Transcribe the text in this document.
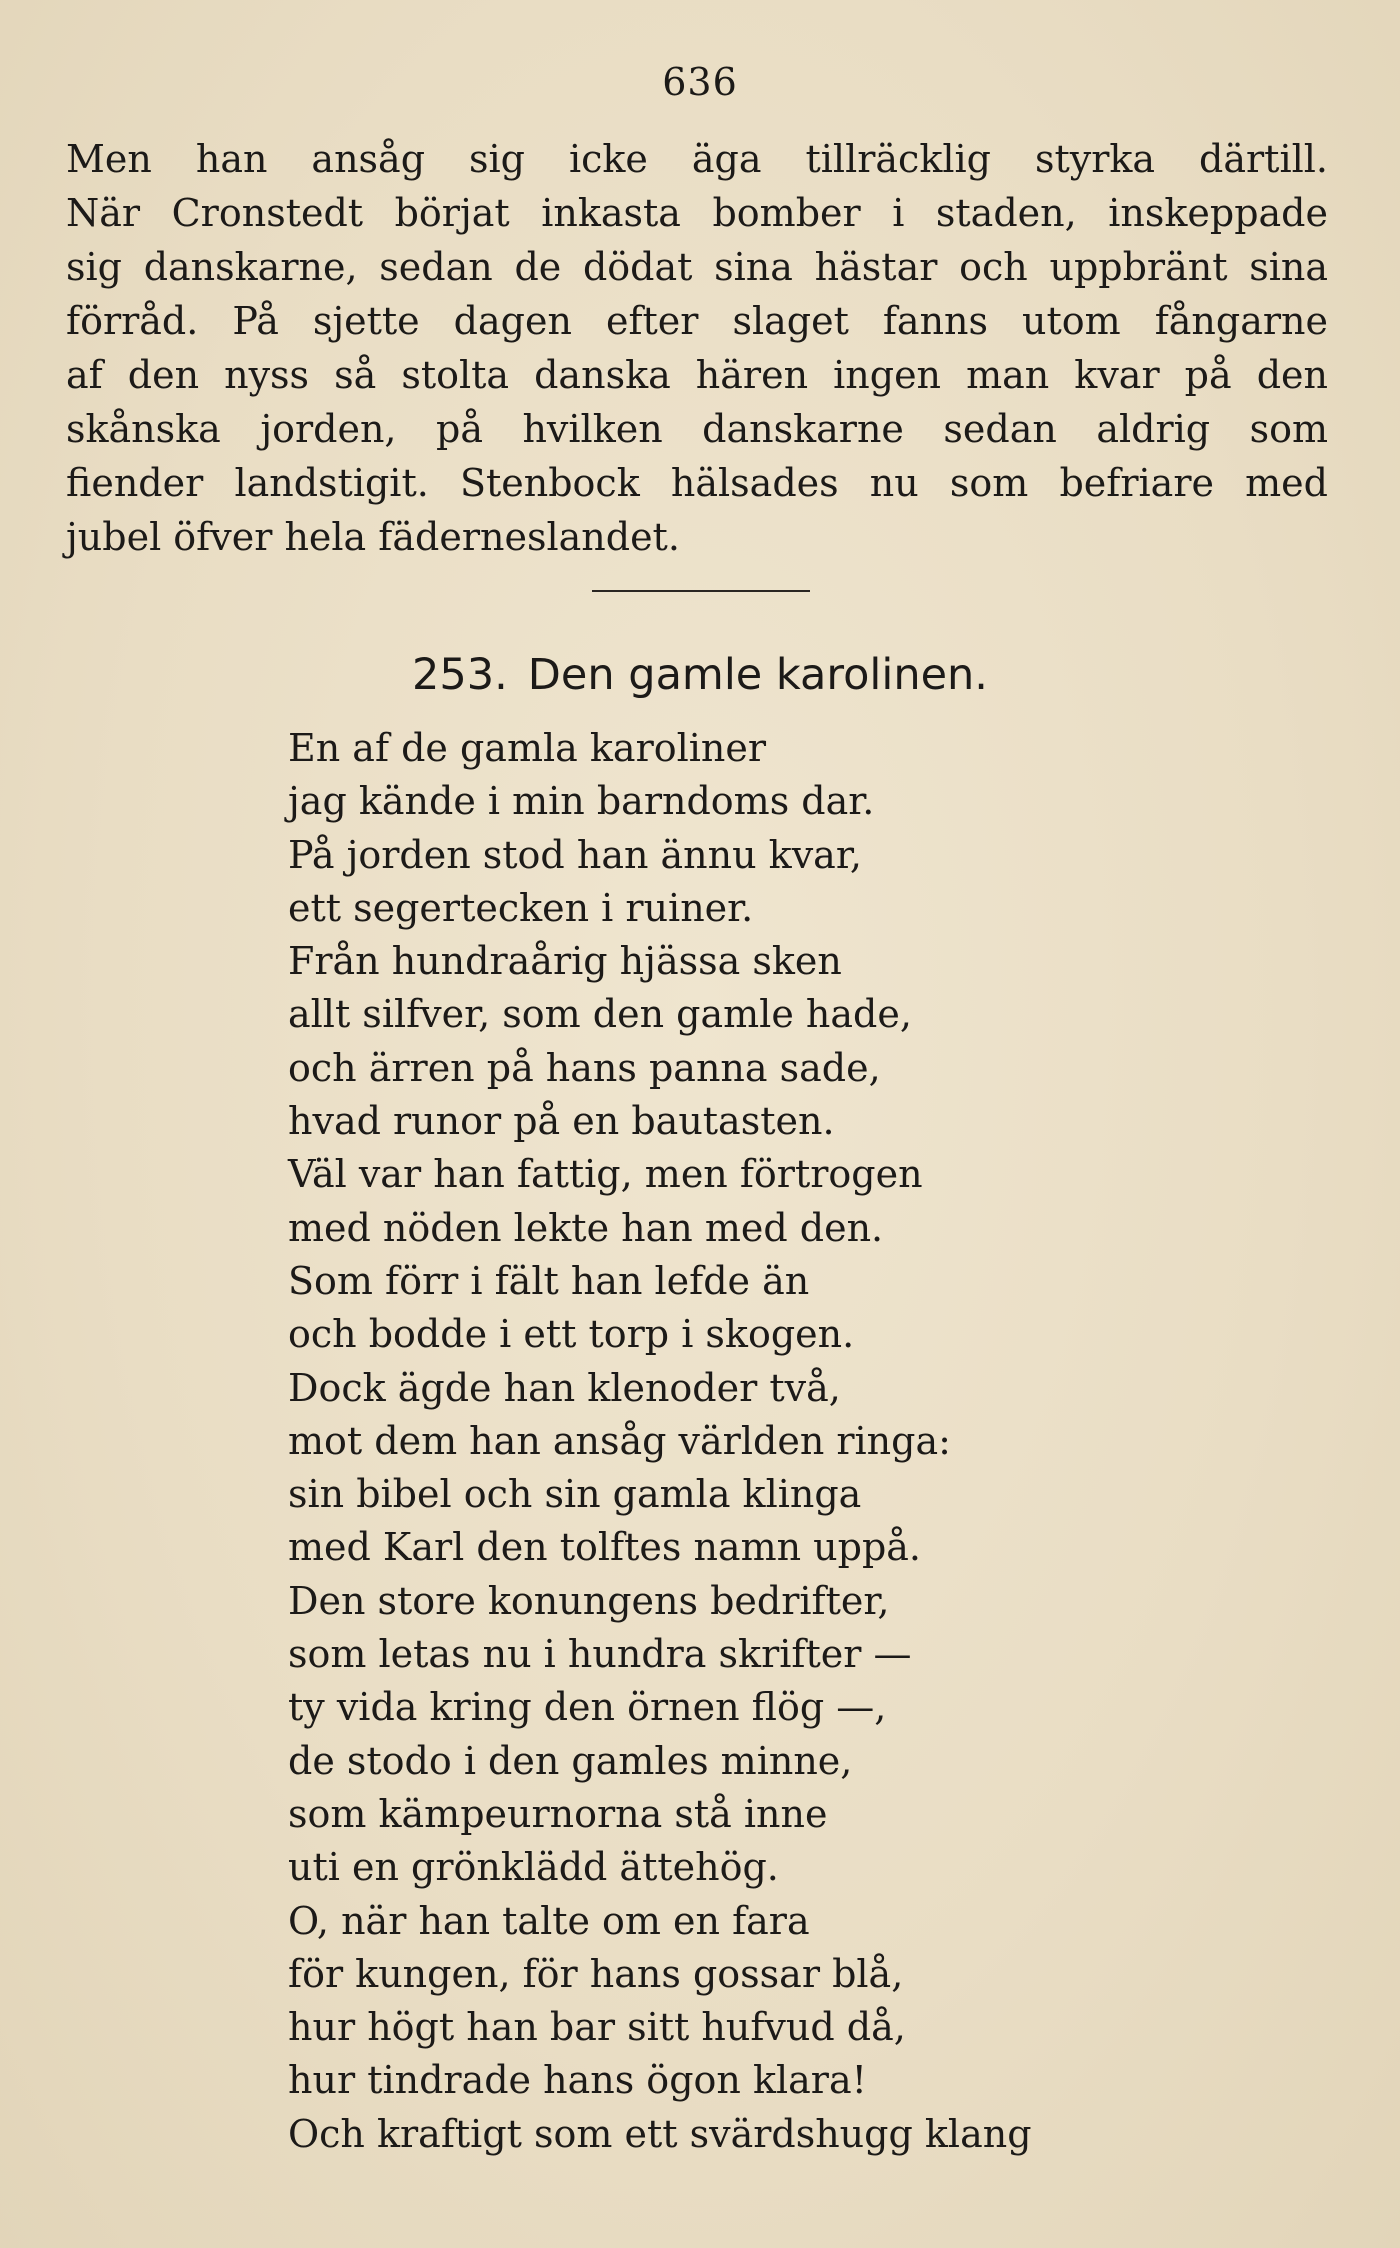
636
Men han ansåg sig icke äga tillräcklig styrka därtill.
När Cronstedt börjat inkasta bomber i staden, inskeppade
sig danskarne, sedan de dödat sina hästar och uppbränt sina
förråd. På sjette dagen efter slaget fanns utom fångarne
af den nyss så stolta danska hären ingen man kvar på den
skånska jorden, på hvilken danskarne sedan aldrig som
fiender landstigit. Stenbock hälsades nu som befriare med
jubel öfver hela fäderneslandet.
253. Den gamle karolinen.
En af de gamla karoliner
jag kände i min barndoms dar.
På jorden stod han ännu kvar,
ett segertecken i ruiner.
Från hundraårig hjässa sken
allt silfver, som den gamle hade,
och ärren på hans panna sade,
hvad runor på en bautasten.
Väl var han fattig, men förtrogen
med nöden lekte han med den.
Som förr i fält han lefde än
och bodde i ett torp i skogen.
Dock ägde han klenoder två,
mot dem han ansåg världen ringa:
sin bibel och sin gamla klinga
med Karl den tolftes namn uppå.
Den store konungens bedrifter,
som letas nu i hundra skrifter —
ty vida kring den örnen flög —,
de stodo i den gamles minne,
som kämpeurnorna stå inne
uti en grönklädd ättehög.
O, när han talte om en fara
för kungen, för hans gossar blå,
hur högt han bar sitt hufvud då,
hur tindrade hans ögon klara!
Och kraftigt som ett svärdshugg klang
